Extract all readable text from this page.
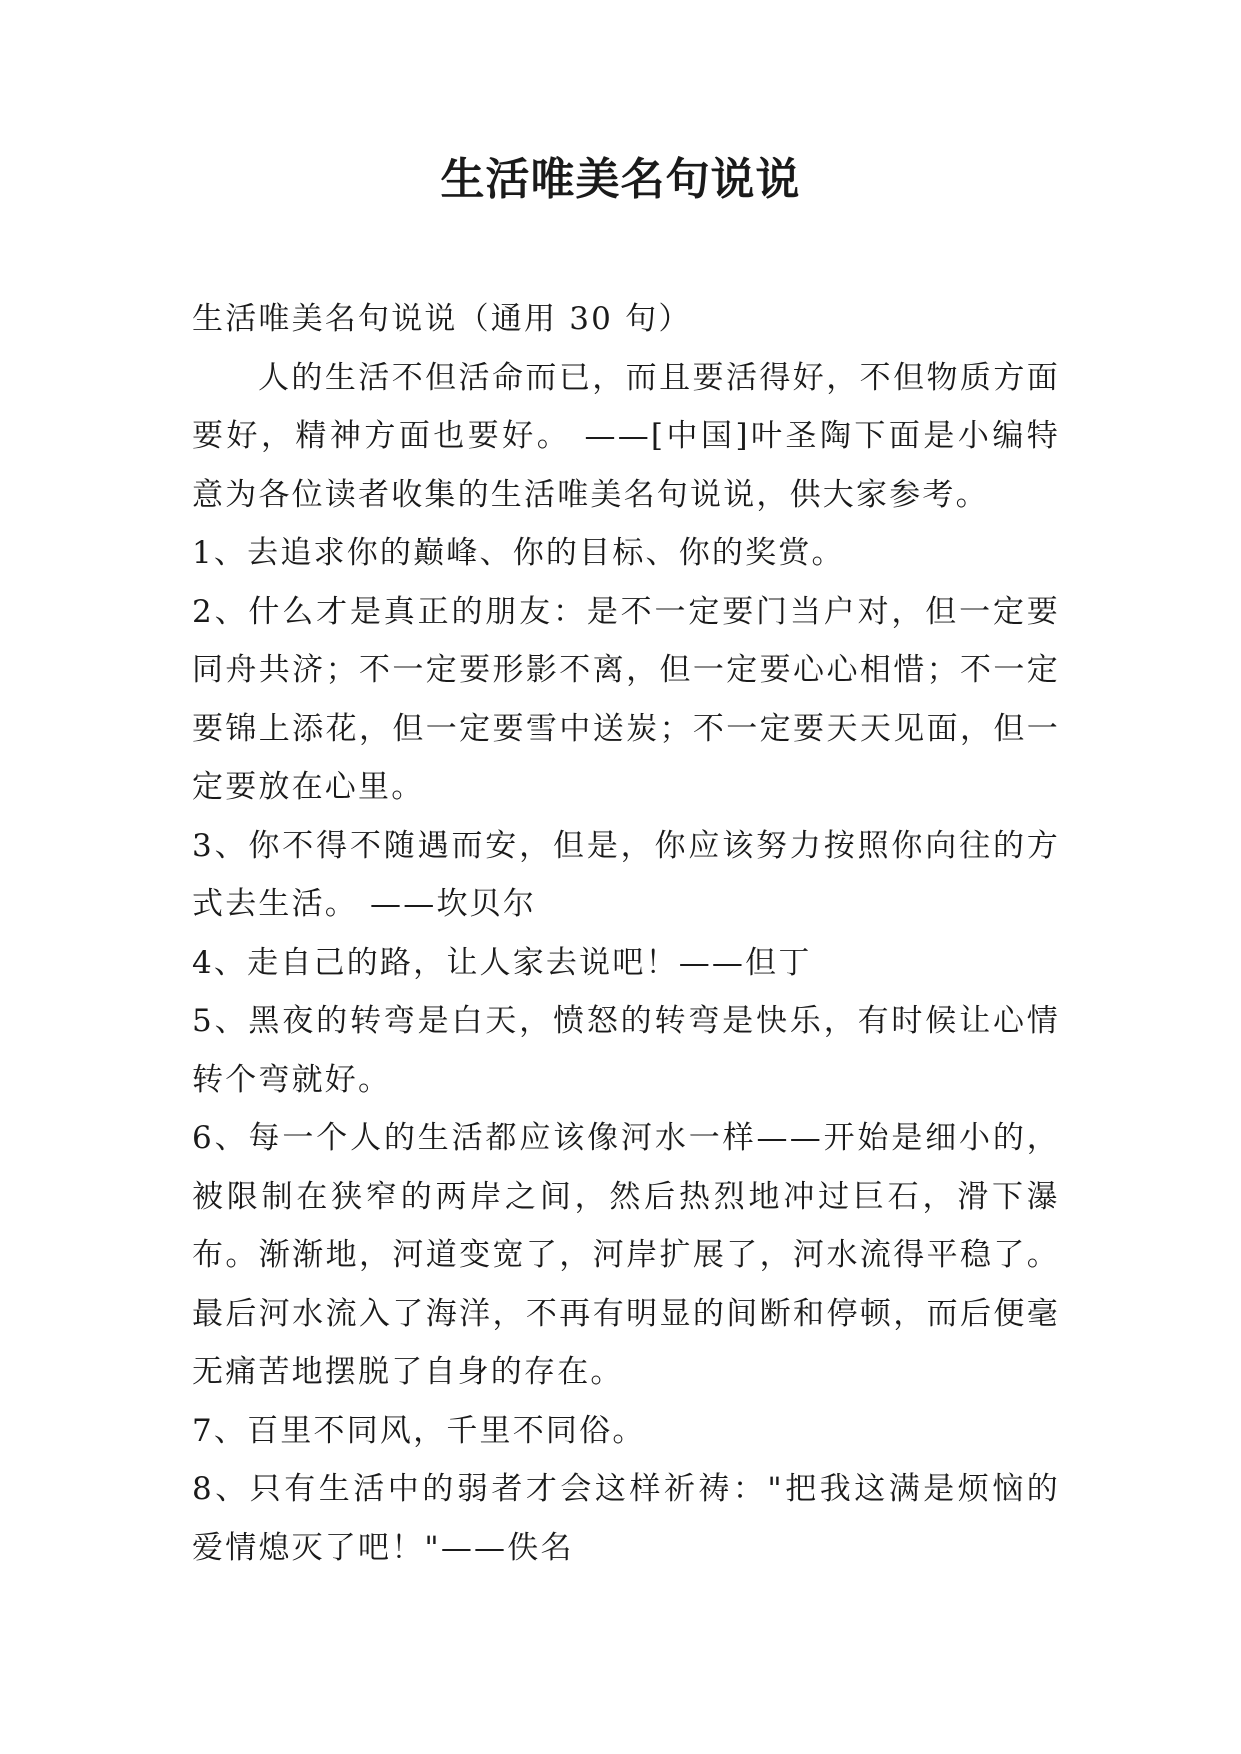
生活唯美名句说说

生活唯美名句说说（通用 30 句）

人的生活不但活命而已，而且要活得好，不但物质方面要好，精神方面也要好。 ——[中国]叶圣陶下面是小编特意为各位读者收集的生活唯美名句说说，供大家参考。

1、去追求你的巅峰、你的目标、你的奖赏。

2、什么才是真正的朋友：是不一定要门当户对，但一定要同舟共济；不一定要形影不离，但一定要心心相惜；不一定要锦上添花，但一定要雪中送炭；不一定要天天见面，但一定要放在心里。

3、你不得不随遇而安，但是，你应该努力按照你向往的方式去生活。 ——坎贝尔

4、走自己的路，让人家去说吧！——但丁

5、黑夜的转弯是白天，愤怒的转弯是快乐，有时候让心情转个弯就好。

6、每一个人的生活都应该像河水一样——开始是细小的，被限制在狭窄的两岸之间，然后热烈地冲过巨石，滑下瀑布。渐渐地，河道变宽了，河岸扩展了，河水流得平稳了。最后河水流入了海洋，不再有明显的间断和停顿，而后便毫无痛苦地摆脱了自身的存在。

7、百里不同风，千里不同俗。

8、只有生活中的弱者才会这样祈祷："把我这满是烦恼的爱情熄灭了吧！"——佚名
